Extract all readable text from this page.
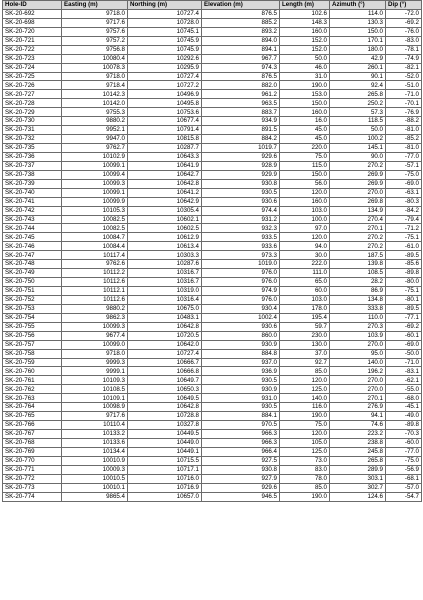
Hole-ID	Easting (m)	Northing (m)	Elevation (m)	Length (m)	Azimuth (°)	Dip (°)
SK-20-692	9718.0	10727.4	876.5	102.6	114.0	-72.0
SK-20-698	9717.6	10728.0	885.2	148.3	130.3	-69.2
SK-20-720	9757.6	10745.1	893.2	160.0	150.0	-76.0
SK-20-721	9757.2	10745.9	894.0	152.0	170.1	-83.0
SK-20-722	9756.8	10745.9	894.1	152.0	180.0	-78.1
SK-20-723	10080.4	10292.6	967.7	50.0	42.9	-74.9
SK-20-724	10078.3	10295.9	974.3	46.0	260.1	-82.1
SK-20-725	9718.0	10727.4	876.5	31.0	90.1	-52.0
SK-20-726	9718.4	10727.2	882.0	190.0	92.4	-51.0
SK-20-727	10142.3	10496.9	961.2	153.0	265.8	-71.0
SK-20-728	10142.0	10495.8	963.5	150.0	250.2	-70.1
SK-20-729	9755.3	10753.6	883.7	160.0	57.3	-76.9
SK-20-730	9880.2	10677.4	934.9	16.0	118.5	-88.2
SK-20-731	9952.1	10791.4	891.5	45.0	50.0	-81.0
SK-20-732	9947.0	10815.8	884.2	45.0	100.2	-85.2
SK-20-735	9762.7	10287.7	1019.7	220.0	145.1	-81.0
SK-20-736	10102.9	10643.3	929.6	75.0	90.0	-77.0
SK-20-737	10099.1	10641.9	928.9	115.0	270.2	-57.1
SK-20-738	10099.4	10642.7	929.9	150.0	269.9	-75.0
SK-20-739	10099.3	10642.8	930.8	56.0	269.9	-69.0
SK-20-740	10099.1	10641.2	930.5	120.0	270.0	-63.1
SK-20-741	10099.9	10642.9	930.6	160.0	269.8	-80.3
SK-20-742	10105.3	10305.4	974.4	103.0	134.9	-84.2
SK-20-743	10082.5	10602.1	931.2	100.0	270.4	-79.4
SK-20-744	10082.5	10602.5	932.3	97.0	270.1	-71.2
SK-20-745	10084.7	10612.9	933.5	120.0	270.2	-75.1
SK-20-746	10084.4	10613.4	933.6	94.0	270.2	-61.0
SK-20-747	10117.4	10303.3	973.3	30.0	187.5	-89.5
SK-20-748	9762.6	10287.6	1019.0	222.0	139.8	-85.6
SK-20-749	10112.2	10316.7	976.0	111.0	108.5	-89.8
SK-20-750	10112.6	10316.7	976.0	65.0	28.2	-80.0
SK-20-751	10112.1	10319.0	974.9	60.0	86.9	-75.1
SK-20-752	10112.6	10316.4	976.0	103.0	134.8	-80.1
SK-20-753	9880.2	10675.0	930.4	178.0	333.8	-89.5
SK-20-754	9862.3	10483.1	1002.4	195.4	110.0	-77.1
SK-20-755	10099.3	10642.8	930.6	59.7	270.3	-69.2
SK-20-756	9677.4	10720.5	860.0	230.0	103.9	-60.1
SK-20-757	10099.0	10642.0	930.9	130.0	270.0	-69.0
SK-20-758	9718.0	10727.4	884.8	37.0	95.0	-50.0
SK-20-759	9999.3	10666.7	937.0	92.7	140.0	-71.0
SK-20-760	9999.1	10666.8	936.9	85.0	196.2	-83.1
SK-20-761	10109.3	10649.7	930.5	120.0	270.0	-62.1
SK-20-762	10108.5	10650.3	930.9	125.0	270.0	-55.0
SK-20-763	10109.1	10649.5	931.0	140.0	270.1	-68.0
SK-20-764	10098.9	10642.8	930.5	116.0	276.9	-45.1
SK-20-765	9717.6	10728.8	884.1	190.0	94.1	-49.0
SK-20-766	10110.4	10327.8	970.5	75.0	74.6	-89.8
SK-20-767	10133.2	10449.5	966.3	120.0	223.2	-70.3
SK-20-768	10133.6	10449.0	966.3	105.0	238.8	-60.0
SK-20-769	10134.4	10449.1	966.4	125.0	245.8	-77.0
SK-20-770	10010.9	10715.5	927.5	73.0	265.8	-75.0
SK-20-771	10009.3	10717.1	930.8	83.0	289.9	-56.9
SK-20-772	10010.5	10716.0	927.9	78.0	303.1	-68.1
SK-20-773	10010.1	10716.9	929.6	85.0	302.7	-57.0
SK-20-774	9865.4	10657.0	946.5	190.0	124.6	-54.7
